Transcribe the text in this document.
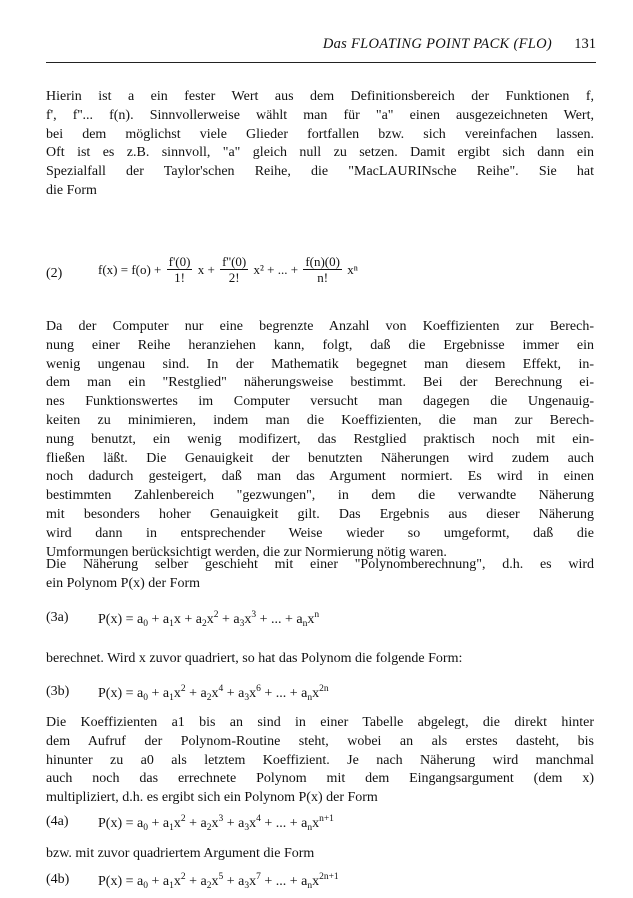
Das FLOATING POINT PACK (FLO) 131
Hierin ist a ein fester Wert aus dem Definitionsbereich der Funktionen f,
f', f''... f(n). Sinnvollerweise wählt man für "a" einen ausgezeichneten Wert,
bei dem möglichst viele Glieder fortfallen bzw. sich vereinfachen lassen.
Oft ist es z.B. sinnvoll, "a" gleich null zu setzen. Damit ergibt sich dann ein
Spezialfall der Taylor'schen Reihe, die "MacLAURINsche Reihe". Sie hat
die Form
(2)	$f(x) = f(o) + \frac{f'(0)}{1!}$ $x + \frac{f''(0)}{2!} x^2$ + ... + $\frac{f(n)(0)}{n!}$ xⁿ
Da der Computer nur eine begrenzte Anzahl von Koeffizienten zur Berech-
nung einer Reihe heranziehen kann, folgt, daß die Ergebnisse immer ein
wenig ungenau sind. In der Mathematik begegnet man diesem Effekt, in-
dem man ein "Restglied" näherungsweise bestimmt. Bei der Berechnung ei-
nes Funktionswertes im Computer versucht man dagegen die Ungenauig-
keiten zu minimieren, indem man die Koeffizienten, die man zur Berech-
nung benutzt, ein wenig modifizert, das Restglied praktisch noch mit ein-
fließen läßt. Die Genauigkeit der benutzten Näherungen wird zudem auch
noch dadurch gesteigert, daß man das Argument normiert. Es wird in einen
bestimmten Zahlenbereich "gezwungen", in dem die verwandte Näherung
mit besonders hoher Genauigkeit gilt. Das Ergebnis aus dieser Näherung
wird dann in entsprechender Weise wieder so umgeformt, daß die
Umformungen berücksichtigt werden, die zur Normierung nötig waren.
Die Näherung selber geschieht mit einer "Polynomberechnung", d.h. es wird
ein Polynom P(x) der Form
(3a) $P(x) = a_0 + a_1x + a_2x^2 + a_3x^3$ + ... + $a_nx^n$
berechnet. Wird x zuvor quadriert, so hat das Polynom die folgende Form:
(3b) $P(x) = a_0 + a_1x^2 + a_2x^4 + a_3x^6$ + ... + $a_nx^{2n}$
Die Koeffizienten a1 bis an sind in einer Tabelle abgelegt, die direkt hinter
dem Aufruf der Polynom-Routine steht, wobei an als erstes dasteht, bis
hinunter zu a0 als letztem Koeffizient. Je nach Näherung wird manchmal
auch noch das errechnete Polynom mit dem Eingangsargument (dem x)
multipliziert, d.h. es ergibt sich ein Polynom P(x) der Form
(4a) $P(x) = a_0 + a_1x^2 + a_2x^3 + a_3x^4$ + ... + $a_nx^{n+1}$
bzw. mit zuvor quadriertem Argument die Form
(4b) $P(x) = a_0 + a_1x^2 + a_2x^5 + a_3x^7$ + ... + $a_nx^{2n+1}$
